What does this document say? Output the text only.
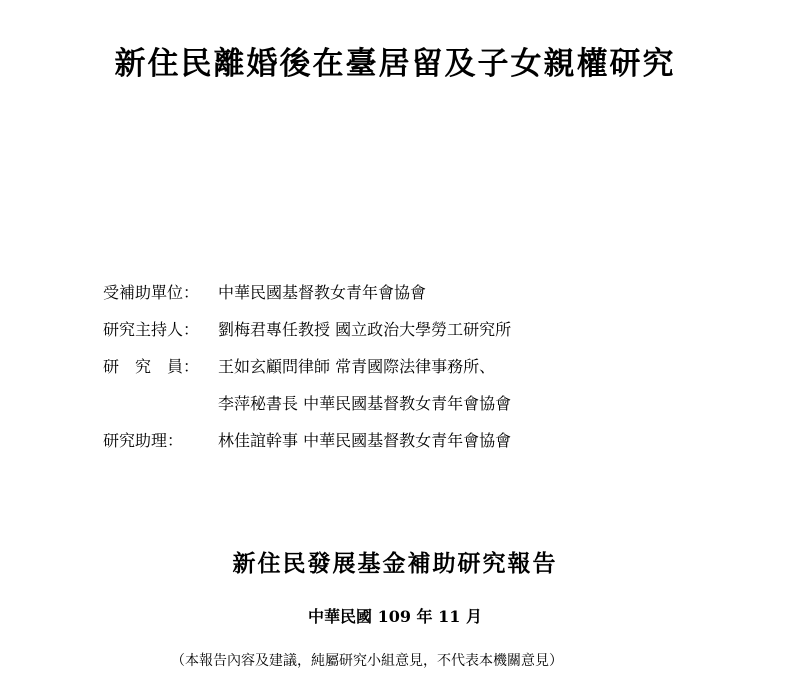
新住民離婚後在臺居留及子女親權研究
受補助單位： 中華民國基督教女青年會協會
研究主持人： 劉梅君專任教授 國立政治大學勞工研究所
研　究　員： 王如玄顧問律師 常青國際法律事務所、
李萍秘書長 中華民國基督教女青年會協會
研究助理： 林佳誼幹事 中華民國基督教女青年會協會
新住民發展基金補助研究報告
中華民國 109 年 11 月
（本報告內容及建議，純屬研究小組意見，不代表本機關意見）
